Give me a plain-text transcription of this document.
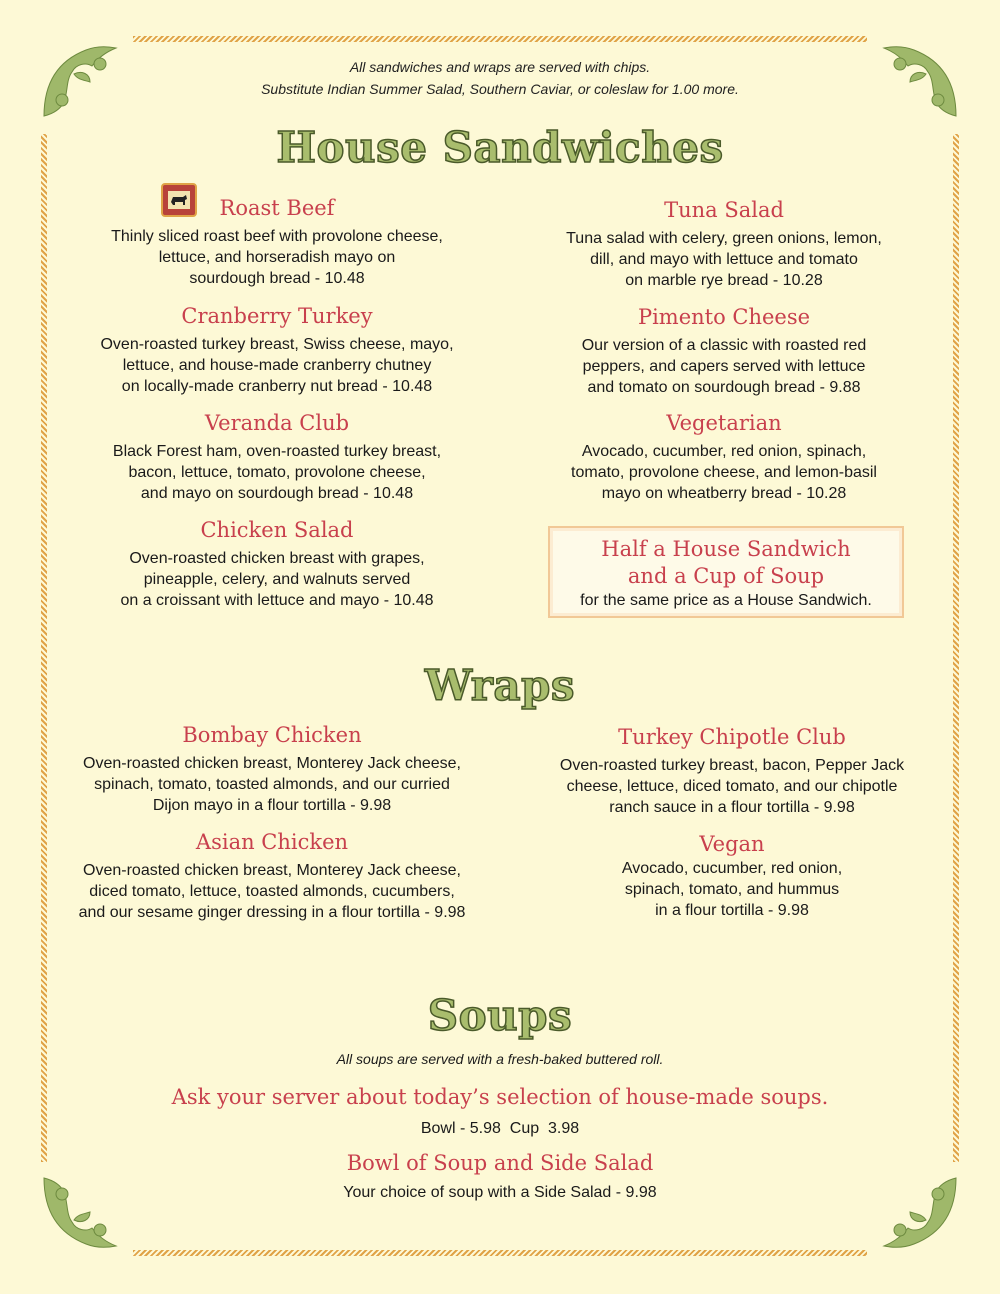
All sandwiches and wraps are served with chips.
Substitute Indian Summer Salad, Southern Caviar, or coleslaw for 1.00 more.
House Sandwiches
Roast Beef
Thinly sliced roast beef with provolone cheese,
lettuce, and horseradish mayo on
sourdough bread - 10.48
Cranberry Turkey
Oven-roasted turkey breast, Swiss cheese, mayo,
lettuce, and house-made cranberry chutney
on locally-made cranberry nut bread - 10.48
Veranda Club
Black Forest ham, oven-roasted turkey breast,
bacon, lettuce, tomato, provolone cheese,
and mayo on sourdough bread - 10.48
Chicken Salad
Oven-roasted chicken breast with grapes,
pineapple, celery, and walnuts served
on a croissant with lettuce and mayo - 10.48
Tuna Salad
Tuna salad with celery, green onions, lemon,
dill, and mayo with lettuce and tomato
on marble rye bread - 10.28
Pimento Cheese
Our version of a classic with roasted red
peppers, and capers served with lettuce
and tomato on sourdough bread - 9.88
Vegetarian
Avocado, cucumber, red onion, spinach,
tomato, provolone cheese, and lemon-basil
mayo on wheatberry bread - 10.28
Half a House Sandwich
and a Cup of Soup
for the same price as a House Sandwich.
Wraps
Bombay Chicken
Oven-roasted chicken breast, Monterey Jack cheese,
spinach, tomato, toasted almonds, and our curried
Dijon mayo in a flour tortilla - 9.98
Asian Chicken
Oven-roasted chicken breast, Monterey Jack cheese,
diced tomato, lettuce, toasted almonds, cucumbers,
and our sesame ginger dressing in a flour tortilla - 9.98
Turkey Chipotle Club
Oven-roasted turkey breast, bacon, Pepper Jack
cheese, lettuce, diced tomato, and our chipotle
ranch sauce in a flour tortilla - 9.98
Vegan
Avocado, cucumber, red onion,
spinach, tomato, and hummus
in a flour tortilla - 9.98
Soups
All soups are served with a fresh-baked buttered roll.
Ask your server about today’s selection of house-made soups.
Bowl - 5.98  Cup  3.98
Bowl of Soup and Side Salad
Your choice of soup with a Side Salad - 9.98
